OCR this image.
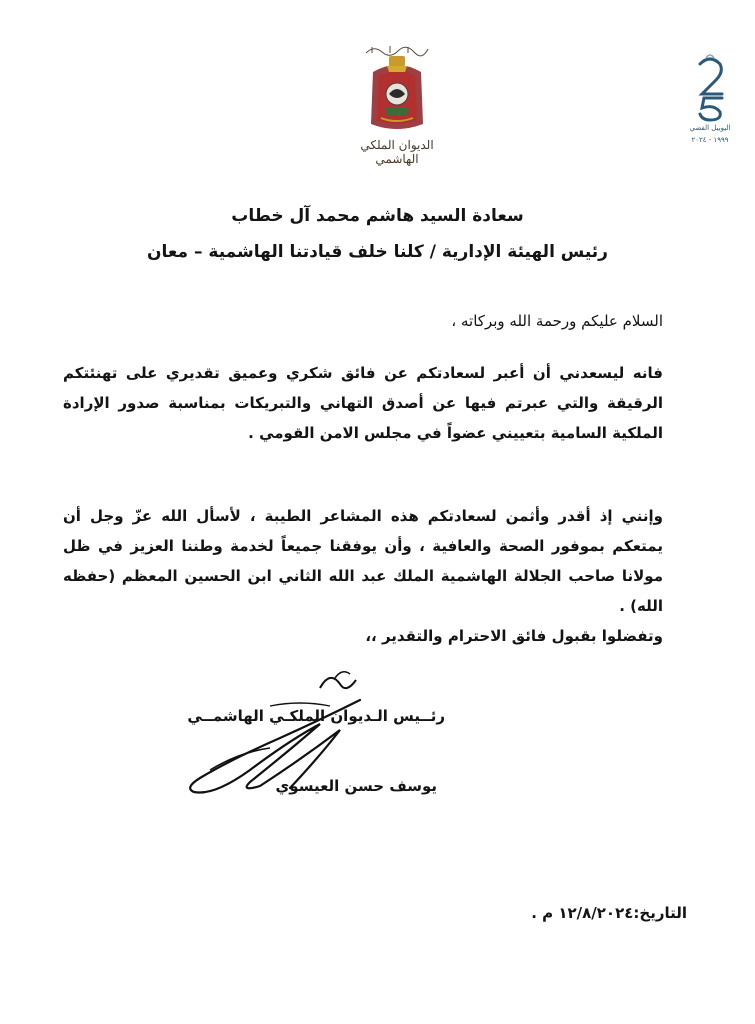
الديوان الملكي الهاشمي
اليوبيل الفضي
١٩٩٩ - ٢٠٢٤
سعادة السيد هاشم محمد آل خطاب
رئيس الهيئة الإدارية / كلنا خلف قيادتنا الهاشمية – معان
السلام عليكم ورحمة الله وبركاته ،
فانه ليسعدني أن أعبر لسعادتكم عن فائق شكري وعميق تقديري على تهنئتكم الرقيقة والتي عبرتم فيها عن أصدق التهاني والتبريكات بمناسبة صدور الإرادة الملكية السامية بتعييني عضواً في مجلس الامن القومي .
وإنني إذ أقدر وأثمن لسعادتكم هذه المشاعر الطيبة ، لأسأل الله عزّ وجل أن يمتعكم بموفور الصحة والعافية ، وأن يوفقنا جميعاً لخدمة وطننا العزيز في ظل مولانا صاحب الجلالة الهاشمية الملك عبد الله الثاني ابن الحسين المعظم (حفظه الله) .
وتفضلوا بقبول فائق الاحترام والتقدير ،،
رئــيس الـديوان الملكـي الهاشمــي
يوسف حسن العيسوي
التاريخ:١٢/٨/٢٠٢٤ م .
